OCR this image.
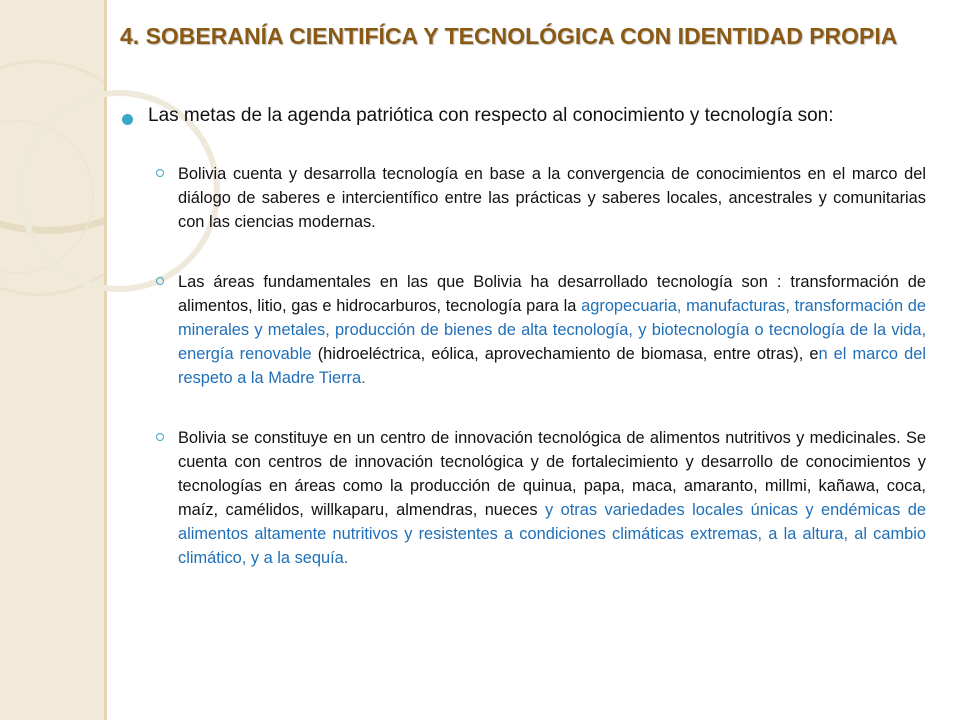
4. SOBERANÍA CIENTIFÍCA Y TECNOLÓGICA CON IDENTIDAD PROPIA

Las metas de la agenda patriótica con respecto al conocimiento y tecnología son:

Bolivia cuenta y desarrolla tecnología en base a la convergencia de conocimientos en el marco del diálogo de saberes e intercientífico entre las prácticas y saberes locales, ancestrales y comunitarias con las ciencias modernas.

Las áreas fundamentales en las que Bolivia ha desarrollado tecnología son : transformación de alimentos, litio, gas e hidrocarburos, tecnología para la agropecuaria, manufacturas, transformación de minerales y metales, producción de bienes de alta tecnología, y biotecnología o tecnología de la vida, energía renovable (hidroeléctrica, eólica, aprovechamiento de biomasa, entre otras), en el marco del respeto a la Madre Tierra.

Bolivia se constituye en un centro de innovación tecnológica de alimentos nutritivos y medicinales. Se cuenta con centros de innovación tecnológica y de fortalecimiento y desarrollo de conocimientos y tecnologías en áreas como la producción de quinua, papa, maca, amaranto, millmi, kañawa, coca, maíz, camélidos, willkaparu, almendras, nueces y otras variedades locales únicas y endémicas de alimentos altamente nutritivos y resistentes a condiciones climáticas extremas, a la altura, al cambio climático, y a la sequía.
